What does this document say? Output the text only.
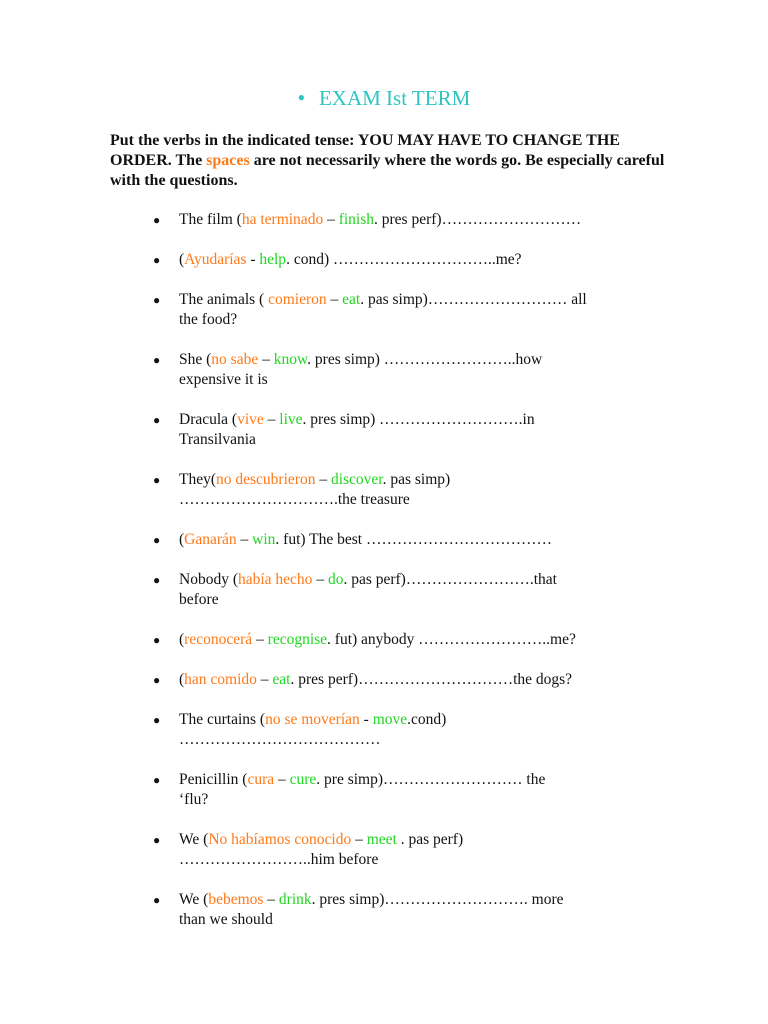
● EXAM Ist TERM
Put the verbs in the indicated tense: YOU MAY HAVE TO CHANGE THE ORDER. The spaces are not necessarily where the words go. Be especially careful with the questions.
● The film (ha terminado – finish. pres perf)………………………
● (Ayudarías - help. cond) …………………………..me?
● The animals ( comieron – eat. pas simp)……………………… all
the food?
● She (no sabe – know. pres simp) ……………………..how
expensive it is
● Dracula (vive – live. pres simp) ……………………….in
Transilvania
● They(no descubrieron – discover. pas simp)
………………………….the treasure
● (Ganarán – win. fut) The best ………………………………
● Nobody (había hecho – do. pas perf)…………………….that
before
● (reconocerá – recognise. fut) anybody ……………………..me?
● (han comido – eat. pres perf)…………………………the dogs?
● The curtains (no se moverían - move.cond)
…………………………………
● Penicillin (cura – cure. pre simp)……………………… the
‘flu?
● We (No habíamos conocido – meet . pas perf)
……………………..him before
● We (bebemos – drink. pres simp)………………………. more
than we should
